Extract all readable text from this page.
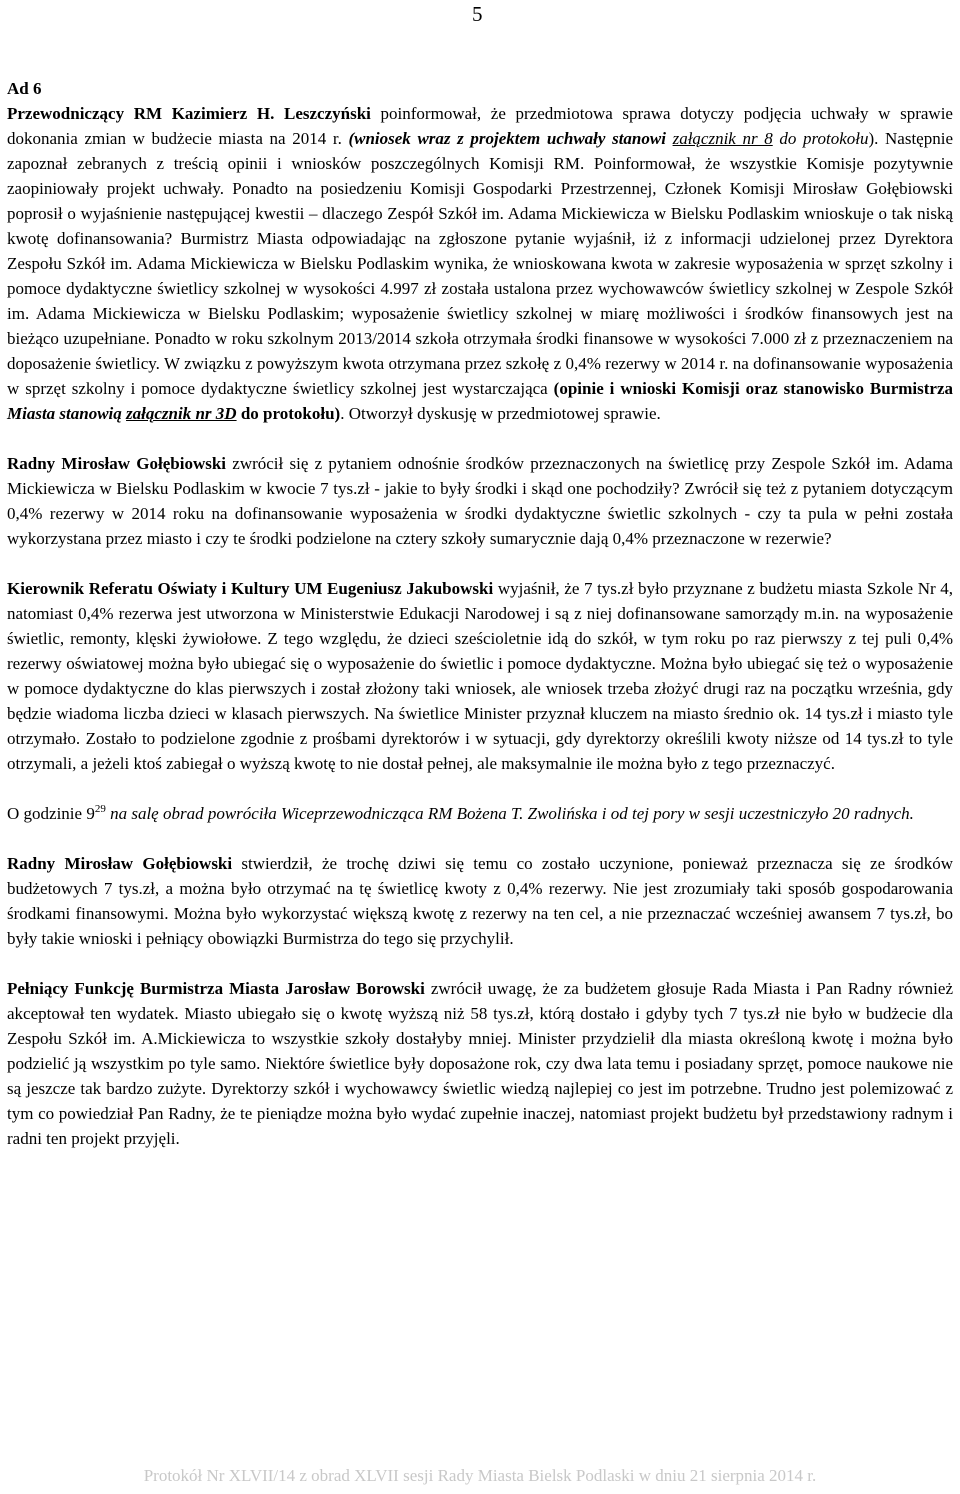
5

Ad 6

Przewodniczący RM Kazimierz H. Leszczyński poinformował, że przedmiotowa sprawa dotyczy podjęcia uchwały w sprawie dokonania zmian w budżecie miasta na 2014 r. (wniosek wraz z projektem uchwały stanowi załącznik nr 8 do protokołu). Następnie zapoznał zebranych z treścią opinii i wniosków poszczególnych Komisji RM. Poinformował, że wszystkie Komisje pozytywnie zaopiniowały projekt uchwały. Ponadto na posiedzeniu Komisji Gospodarki Przestrzennej, Członek Komisji Mirosław Gołębiowski poprosił o wyjaśnienie następującej kwestii – dlaczego Zespół Szkół im. Adama Mickiewicza w Bielsku Podlaskim wnioskuje o tak niską kwotę dofinansowania? Burmistrz Miasta odpowiadając na zgłoszone pytanie wyjaśnił, iż z informacji udzielonej przez Dyrektora Zespołu Szkół im. Adama Mickiewicza w Bielsku Podlaskim wynika, że wnioskowana kwota w zakresie wyposażenia w sprzęt szkolny i pomoce dydaktyczne świetlicy szkolnej w wysokości 4.997 zł została ustalona przez wychowawców świetlicy szkolnej w Zespole Szkół im. Adama Mickiewicza w Bielsku Podlaskim; wyposażenie świetlicy szkolnej w miarę możliwości i środków finansowych jest na bieżąco uzupełniane. Ponadto w roku szkolnym 2013/2014 szkoła otrzymała środki finansowe w wysokości 7.000 zł z przeznaczeniem na doposażenie świetlicy. W związku z powyższym kwota otrzymana przez szkołę z 0,4% rezerwy w 2014 r. na dofinansowanie wyposażenia w sprzęt szkolny i pomoce dydaktyczne świetlicy szkolnej jest wystarczająca (opinie i wnioski Komisji oraz stanowisko Burmistrza Miasta stanowią załącznik nr 3D do protokołu). Otworzył dyskusję w przedmiotowej sprawie.

Radny Mirosław Gołębiowski zwrócił się z pytaniem odnośnie środków przeznaczonych na świetlicę przy Zespole Szkół im. Adama Mickiewicza w Bielsku Podlaskim w kwocie 7 tys.zł - jakie to były środki i skąd one pochodziły? Zwrócił się też z pytaniem dotyczącym 0,4% rezerwy w 2014 roku na dofinansowanie wyposażenia w środki dydaktyczne świetlic szkolnych - czy ta pula w pełni została wykorzystana przez miasto i czy te środki podzielone na cztery szkoły sumarycznie dają 0,4% przeznaczone w rezerwie?

Kierownik Referatu Oświaty i Kultury UM Eugeniusz Jakubowski wyjaśnił, że 7 tys.zł było przyznane z budżetu miasta Szkole Nr 4, natomiast 0,4% rezerwa jest utworzona w Ministerstwie Edukacji Narodowej i są z niej dofinansowane samorządy m.in. na wyposażenie świetlic, remonty, klęski żywiołowe. Z tego względu, że dzieci sześcioletnie idą do szkół, w tym roku po raz pierwszy z tej puli 0,4% rezerwy oświatowej można było ubiegać się o wyposażenie do świetlic i pomoce dydaktyczne. Można było ubiegać się też o wyposażenie w pomoce dydaktyczne do klas pierwszych i został złożony taki wniosek, ale wniosek trzeba złożyć drugi raz na początku września, gdy będzie wiadoma liczba dzieci w klasach pierwszych. Na świetlice Minister przyznał kluczem na miasto średnio ok. 14 tys.zł i miasto tyle otrzymało. Zostało to podzielone zgodnie z prośbami dyrektorów i w sytuacji, gdy dyrektorzy określili kwoty niższe od 14 tys.zł to tyle otrzymali, a jeżeli ktoś zabiegał o wyższą kwotę to nie dostał pełnej, ale maksymalnie ile można było z tego przeznaczyć.

O godzinie $9^{29}$ na salę obrad powróciła Wiceprzewodnicząca RM Bożena T. Zwolińska i od tej pory w sesji uczestniczyło 20 radnych.

Radny Mirosław Gołębiowski stwierdził, że trochę dziwi się temu co zostało uczynione, ponieważ przeznacza się ze środków budżetowych 7 tys.zł, a można było otrzymać na tę świetlicę kwoty z 0,4% rezerwy. Nie jest zrozumiały taki sposób gospodarowania środkami finansowymi. Można było wykorzystać większą kwotę z rezerwy na ten cel, a nie przeznaczać wcześniej awansem 7 tys.zł, bo były takie wnioski i pełniący obowiązki Burmistrza do tego się przychylił.

Pełniący Funkcję Burmistrza Miasta Jarosław Borowski zwrócił uwagę, że za budżetem głosuje Rada Miasta i Pan Radny również akceptował ten wydatek. Miasto ubiegało się o kwotę wyższą niż 58 tys.zł, którą dostało i gdyby tych 7 tys.zł nie było w budżecie dla Zespołu Szkół im. A.Mickiewicza to wszystkie szkoły dostałyby mniej. Minister przydzielił dla miasta określoną kwotę i można było podzielić ją wszystkim po tyle samo. Niektóre świetlice były doposażone rok, czy dwa lata temu i posiadany sprzęt, pomoce naukowe nie są jeszcze tak bardzo zużyte. Dyrektorzy szkół i wychowawcy świetlic wiedzą najlepiej co jest im potrzebne. Trudno jest polemizować z tym co powiedział Pan Radny, że te pieniądze można było wydać zupełnie inaczej, natomiast projekt budżetu był przedstawiony radnym i radni ten projekt przyjęli.

Protokół Nr XLVII/14 z obrad XLVII sesji Rady Miasta Bielsk Podlaski w dniu 21 sierpnia 2014 r.
